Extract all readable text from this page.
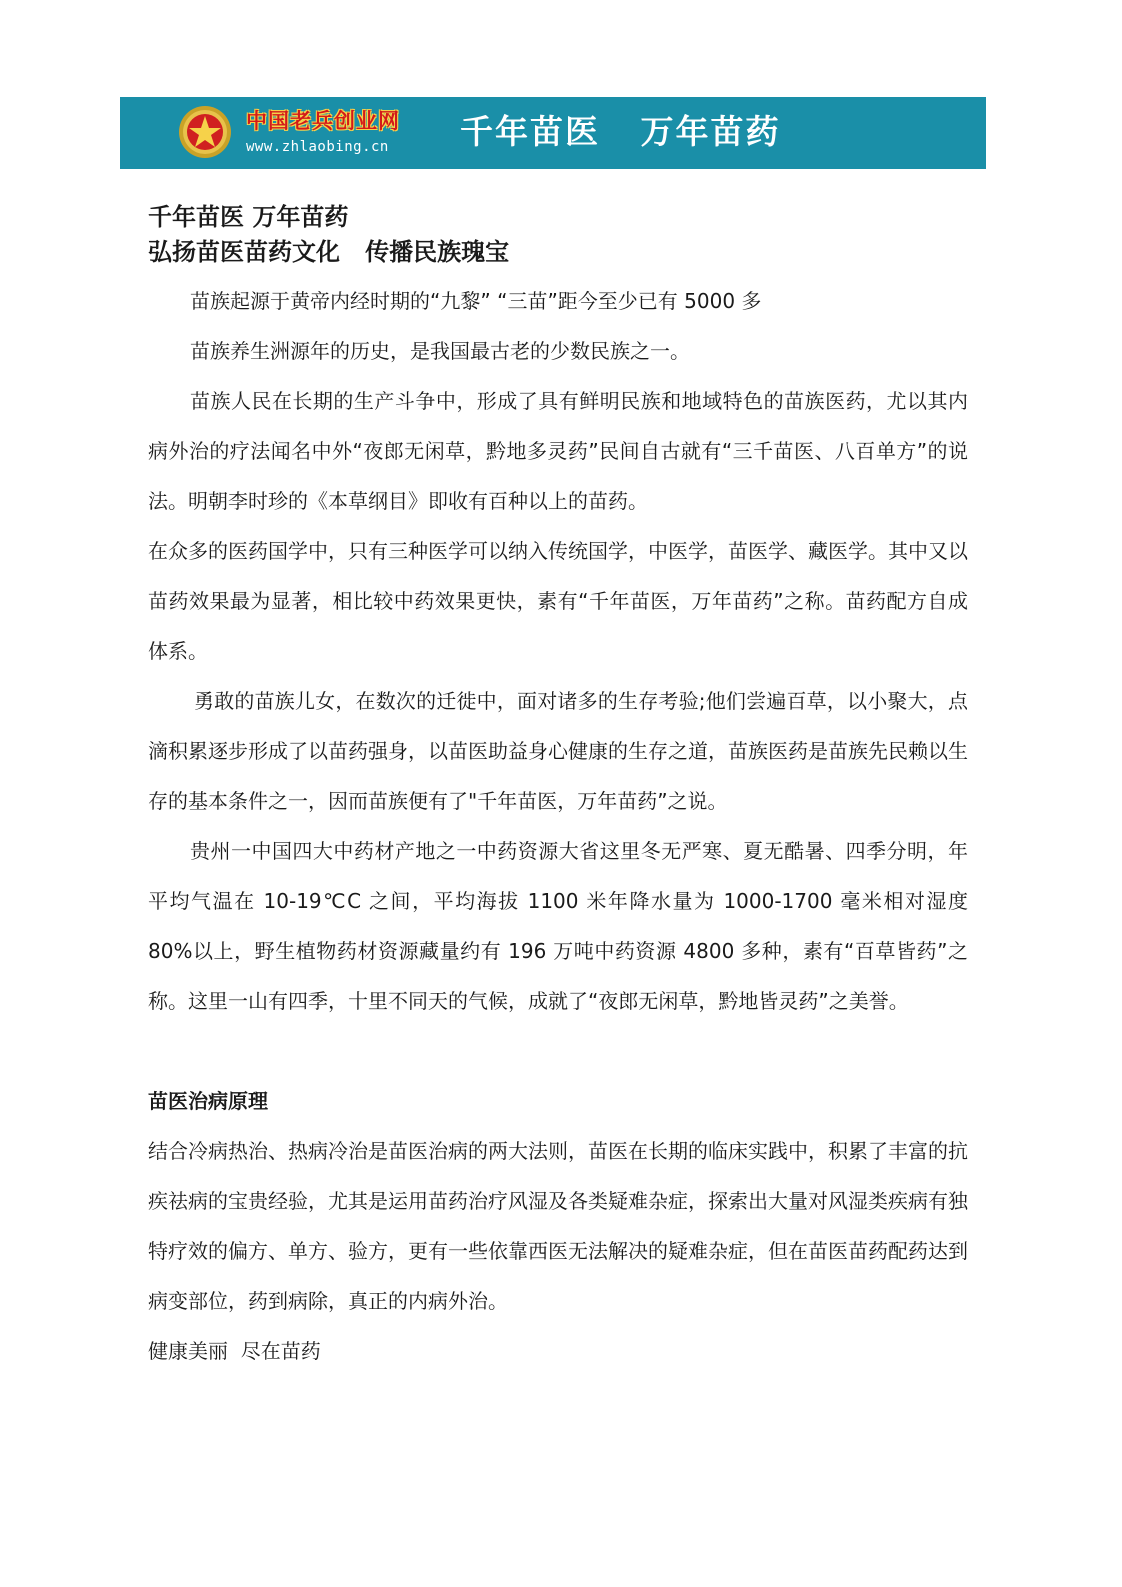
中国老兵创业网
www.zhlaobing.cn 千年苗医   万年苗药
千年苗医 万年苗药
弘扬苗医苗药文化   传播民族瑰宝

苗族起源于黄帝内经时期的“九黎” “三苗”距今至少已有 5000 多

苗族养生洲源年的历史，是我国最古老的少数民族之一。

苗族人民在长期的生产斗争中，形成了具有鲜明民族和地域特色的苗族医药，尤以其内病外治的疗法闻名中外“夜郎无闲草，黔地多灵药”民间自古就有“三千苗医、八百单方”的说法。明朝李时珍的《本草纲目》即收有百种以上的苗药。

在众多的医药国学中，只有三种医学可以纳入传统国学，中医学，苗医学、藏医学。其中又以苗药效果最为显著，相比较中药效果更快，素有“千年苗医，万年苗药”之称。苗药配方自成体系。

勇敢的苗族儿女，在数次的迁徙中，面对诸多的生存考验;他们尝遍百草，以小聚大，点滴积累逐步形成了以苗药强身，以苗医助益身心健康的生存之道，苗族医药是苗族先民赖以生存的基本条件之一，因而苗族便有了"千年苗医，万年苗药”之说。

贵州一中国四大中药材产地之一中药资源大省这里冬无严寒、夏无酷暑、四季分明，年平均气温在 10-19℃C 之间，平均海拔 1100 米年降水量为 1000-1700 毫米相对湿度 80%以上，野生植物药材资源藏量约有 196 万吨中药资源 4800 多种，素有“百草皆药”之称。这里一山有四季，十里不同天的气候，成就了“夜郎无闲草，黔地皆灵药”之美誉。

苗医治病原理

结合冷病热治、热病冷治是苗医治病的两大法则，苗医在长期的临床实践中，积累了丰富的抗疾祛病的宝贵经验，尤其是运用苗药治疗风湿及各类疑难杂症，探索出大量对风湿类疾病有独特疗效的偏方、单方、验方，更有一些依靠西医无法解决的疑难杂症，但在苗医苗药配药达到病变部位，药到病除，真正的内病外治。

健康美丽  尽在苗药
